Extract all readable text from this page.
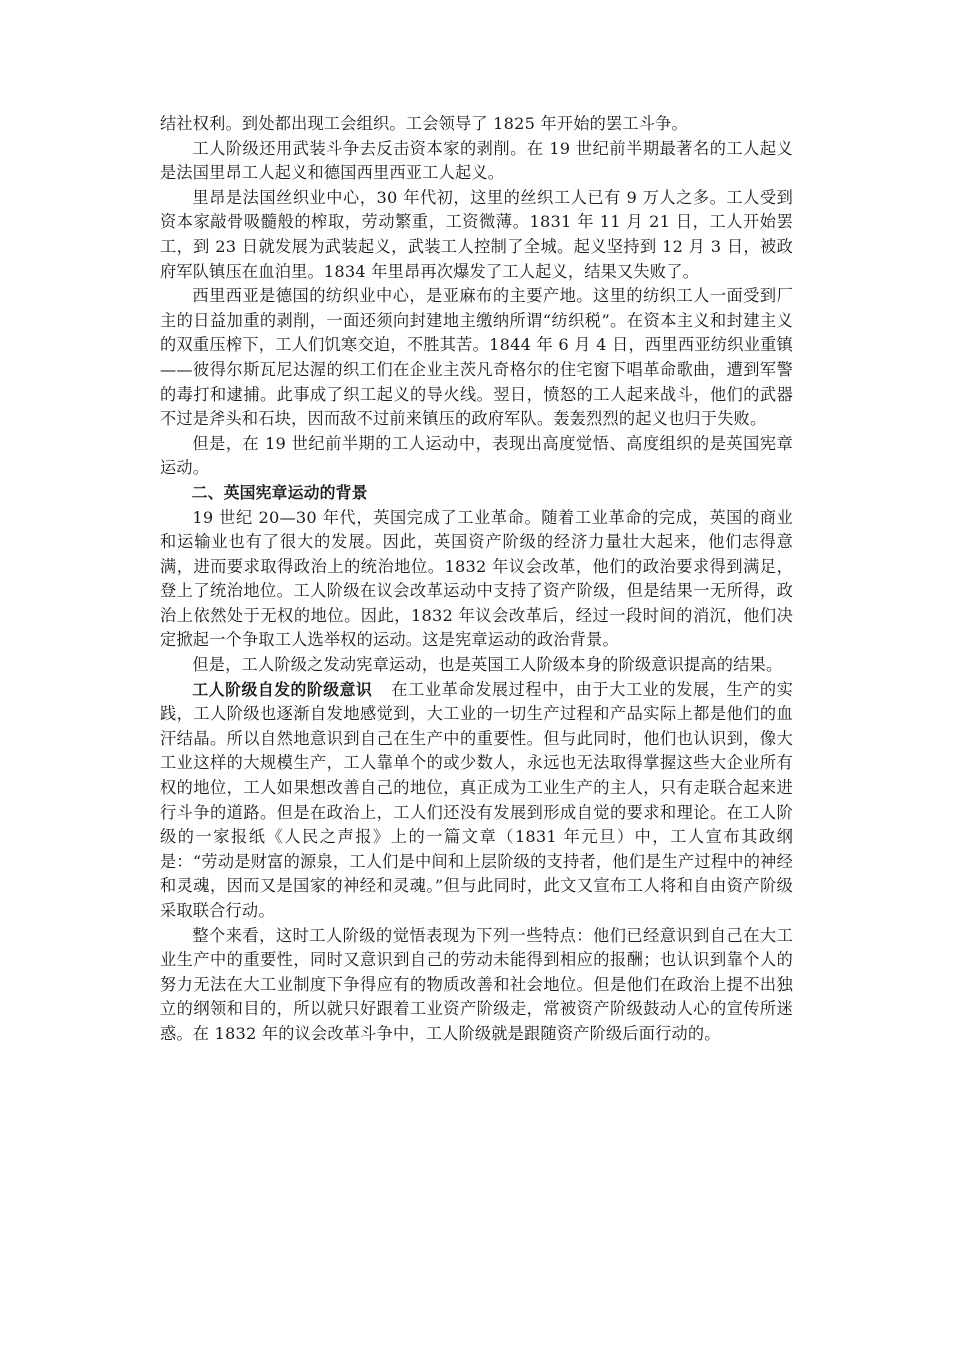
结社权利。到处都出现工会组织。工会领导了 1825 年开始的罢工斗争。

工人阶级还用武装斗争去反击资本家的剥削。在 19 世纪前半期最著名的工人起义是法国里昂工人起义和德国西里西亚工人起义。

里昂是法国丝织业中心，30 年代初，这里的丝织工人已有 9 万人之多。工人受到资本家敲骨吸髓般的榨取，劳动繁重，工资微薄。1831 年 11 月 21 日，工人开始罢工，到 23 日就发展为武装起义，武装工人控制了全城。起义坚持到 12 月 3 日，被政府军队镇压在血泊里。1834 年里昂再次爆发了工人起义，结果又失败了。

西里西亚是德国的纺织业中心，是亚麻布的主要产地。这里的纺织工人一面受到厂主的日益加重的剥削，一面还须向封建地主缴纳所谓“纺织税”。在资本主义和封建主义的双重压榨下，工人们饥寒交迫，不胜其苦。1844 年 6 月 4 日，西里西亚纺织业重镇——彼得尔斯瓦尼达渥的织工们在企业主茨凡奇格尔的住宅窗下唱革命歌曲，遭到军警的毒打和逮捕。此事成了织工起义的导火线。翌日，愤怒的工人起来战斗，他们的武器不过是斧头和石块，因而敌不过前来镇压的政府军队。轰轰烈烈的起义也归于失败。

但是，在 19 世纪前半期的工人运动中，表现出高度觉悟、高度组织的是英国宪章运动。

二、英国宪章运动的背景

19 世纪 20—30 年代，英国完成了工业革命。随着工业革命的完成，英国的商业和运输业也有了很大的发展。因此，英国资产阶级的经济力量壮大起来，他们志得意满，进而要求取得政治上的统治地位。1832 年议会改革，他们的政治要求得到满足，登上了统治地位。工人阶级在议会改革运动中支持了资产阶级，但是结果一无所得，政治上依然处于无权的地位。因此，1832 年议会改革后，经过一段时间的消沉，他们决定掀起一个争取工人选举权的运动。这是宪章运动的政治背景。

但是，工人阶级之发动宪章运动，也是英国工人阶级本身的阶级意识提高的结果。

工人阶级自发的阶级意识 在工业革命发展过程中，由于大工业的发展，生产的实践，工人阶级也逐渐自发地感觉到，大工业的一切生产过程和产品实际上都是他们的血汗结晶。所以自然地意识到自己在生产中的重要性。但与此同时，他们也认识到，像大工业这样的大规模生产，工人靠单个的或少数人，永远也无法取得掌握这些大企业所有权的地位，工人如果想改善自己的地位，真正成为工业生产的主人，只有走联合起来进行斗争的道路。但是在政治上，工人们还没有发展到形成自觉的要求和理论。在工人阶级的一家报纸《人民之声报》上的一篇文章（1831 年元旦）中，工人宣布其政纲是：“劳动是财富的源泉，工人们是中间和上层阶级的支持者，他们是生产过程中的神经和灵魂，因而又是国家的神经和灵魂。”但与此同时，此文又宣布工人将和自由资产阶级采取联合行动。

整个来看，这时工人阶级的觉悟表现为下列一些特点：他们已经意识到自己在大工业生产中的重要性，同时又意识到自己的劳动未能得到相应的报酬；也认识到靠个人的努力无法在大工业制度下争得应有的物质改善和社会地位。但是他们在政治上提不出独立的纲领和目的，所以就只好跟着工业资产阶级走，常被资产阶级鼓动人心的宣传所迷惑。在 1832 年的议会改革斗争中，工人阶级就是跟随资产阶级后面行动的。
